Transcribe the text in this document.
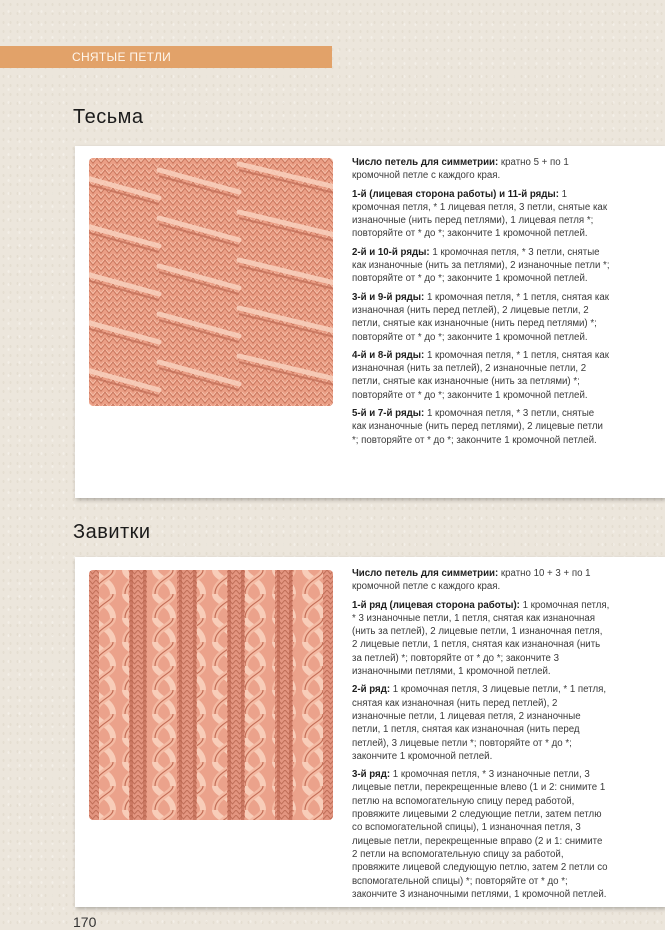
СНЯТЫЕ ПЕТЛИ
Тесьма

Число петель для симметрии: кратно 5 + по 1 кромочной петле с каждого края.

1-й (лицевая сторона работы) и 11-й ряды: 1 кромочная петля, * 1 лицевая петля, 3 петли, снятые как изнаночные (нить перед петлями), 1 лицевая петля *; повторяйте от * до *; закончите 1 кромочной петлей.

2-й и 10-й ряды: 1 кромочная петля, * 3 петли, снятые как изнаночные (нить за петлями), 2 изнаночные петли *; повторяйте от * до *; закончите 1 кромочной петлей.

3-й и 9-й ряды: 1 кромочная петля, * 1 петля, снятая как изнаночная (нить перед петлей), 2 лицевые петли, 2 петли, снятые как изнаночные (нить перед петлями) *; повторяйте от * до *; закончите 1 кромочной петлей.

4-й и 8-й ряды: 1 кромочная петля, * 1 петля, снятая как изнаночная (нить за петлей), 2 изнаночные петли, 2 петли, снятые как изнаночные (нить за петлями) *; повторяйте от * до *; закончите 1 кромочной петлей.

5-й и 7-й ряды: 1 кромочная петля, * 3 петли, снятые как изнаночные (нить перед петлями), 2 лицевые петли *; повторяйте от * до *; закончите 1 кромочной петлей.

Завитки

Число петель для симметрии: кратно 10 + 3 + по 1 кромочной петле с каждого края.

1-й ряд (лицевая сторона работы): 1 кромочная петля, * 3 изнаночные петли, 1 петля, снятая как изнаночная (нить за петлей), 2 лицевые петли, 1 изнаночная петля, 2 лицевые петли, 1 петля, снятая как изнаночная (нить за петлей) *; повторяйте от * до *; закончите 3 изнаночными петлями, 1 кромочной петлей.

2-й ряд: 1 кромочная петля, 3 лицевые петли, * 1 петля, снятая как изнаночная (нить перед петлей), 2 изнаночные петли, 1 лицевая петля, 2 изнаночные петли, 1 петля, снятая как изнаночная (нить перед петлей), 3 лицевые петли *; повторяйте от * до *; закончите 1 кромочной петлей.

3-й ряд: 1 кромочная петля, * 3 изнаночные петли, 3 лицевые петли, перекрещенные влево (1 и 2: снимите 1 петлю на вспомогательную спицу перед работой, провяжите лицевыми 2 следующие петли, затем петлю со вспомогательной спицы), 1 изнаночная петля, 3 лицевые петли, перекрещенные вправо (2 и 1: снимите 2 петли на вспомогательную спицу за работой, провяжите лицевой следующую петлю, затем 2 петли со вспомогательной спицы) *; повторяйте от * до *; закончите 3 изнаночными петлями, 1 кромочной петлей.

170
